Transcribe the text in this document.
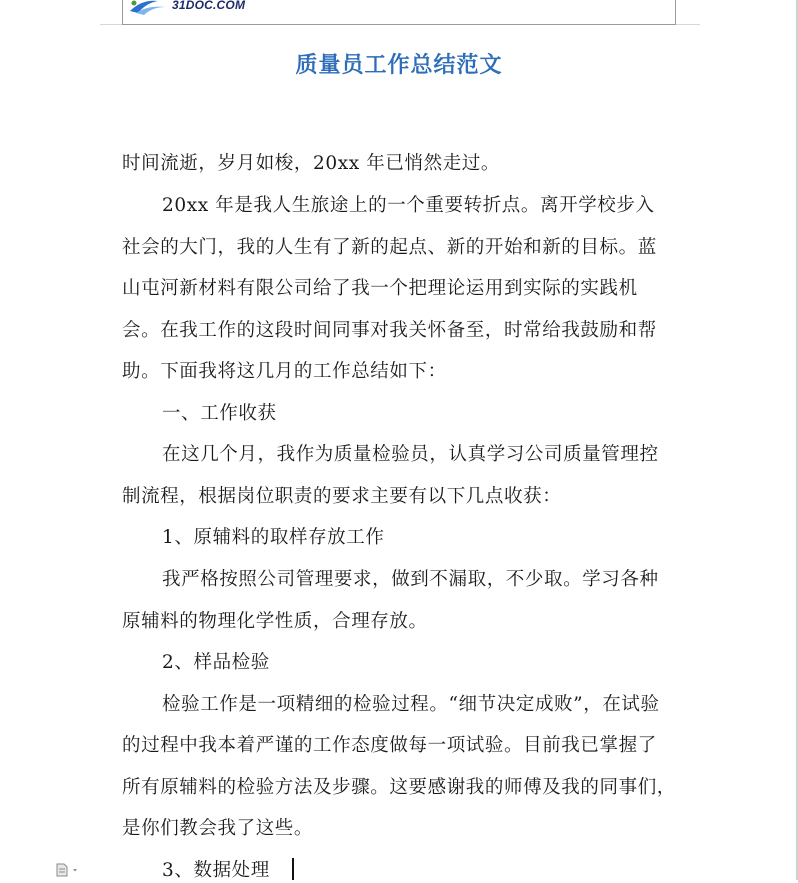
31DOC.COM
质量员工作总结范文
时间流逝，岁月如梭，20xx 年已悄然走过。
20xx 年是我人生旅途上的一个重要转折点。离开学校步入
社会的大门，我的人生有了新的起点、新的开始和新的目标。蓝
山屯河新材料有限公司给了我一个把理论运用到实际的实践机
会。在我工作的这段时间同事对我关怀备至，时常给我鼓励和帮
助。下面我将这几月的工作总结如下：
一、工作收获
在这几个月，我作为质量检验员，认真学习公司质量管理控
制流程，根据岗位职责的要求主要有以下几点收获：
1、原辅料的取样存放工作
我严格按照公司管理要求，做到不漏取，不少取。学习各种
原辅料的物理化学性质，合理存放。
2、样品检验
检验工作是一项精细的检验过程。“细节决定成败”，在试验
的过程中我本着严谨的工作态度做每一项试验。目前我已掌握了
所有原辅料的检验方法及步骤。这要感谢我的师傅及我的同事们，
是你们教会我了这些。
3、数据处理
